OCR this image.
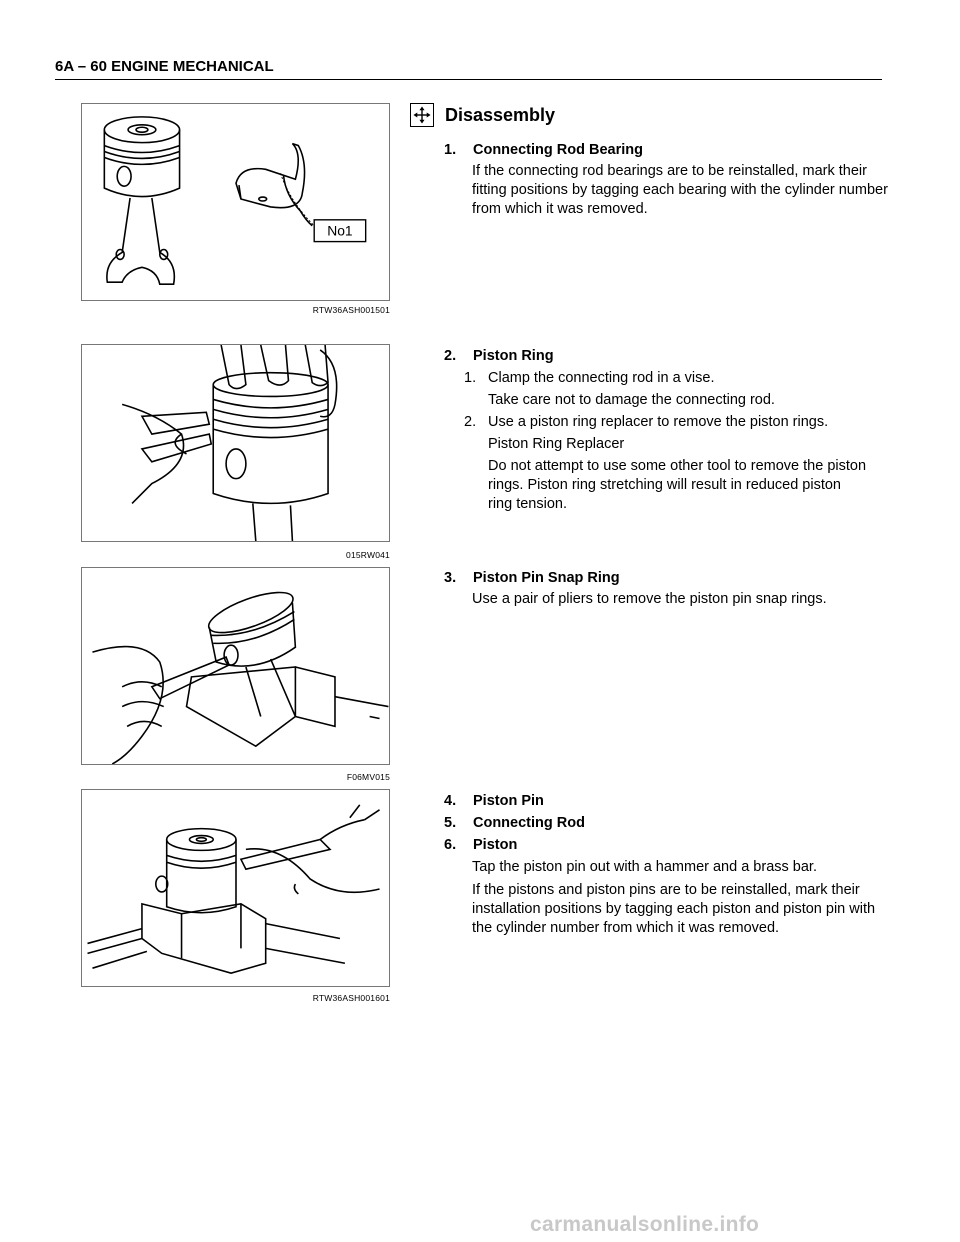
6A – 60 ENGINE MECHANICAL
No1
RTW36ASH001501
015RW041
F06MV015
RTW36ASH001601
Disassembly
1.	Connecting Rod Bearing
If the connecting rod bearings are to be reinstalled, mark their fitting positions by tagging each bearing with the cylinder number from which it was removed.
2.	Piston Ring
1. Clamp the connecting rod in a vise.
Take care not to damage the connecting rod.
2. Use a piston ring replacer to remove the piston rings.
Piston Ring Replacer
Do not attempt to use some other tool to remove the piston rings. Piston ring stretching will result in reduced piston ring tension.
3.	Piston Pin Snap Ring
Use a pair of pliers to remove the piston pin snap rings.
4.	Piston Pin
5.	Connecting Rod
6.	Piston
Tap the piston pin out with a hammer and a brass bar.
If the pistons and piston pins are to be reinstalled, mark their installation positions by tagging each piston and piston pin with the cylinder number from which it was removed.
carmanualsonline.info
